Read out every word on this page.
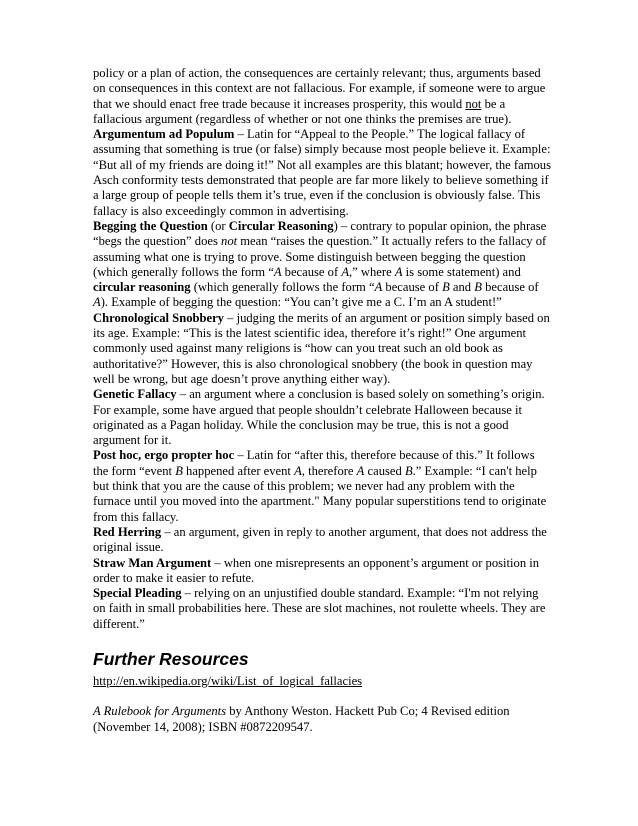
policy or a plan of action, the consequences are certainly relevant; thus, arguments based on consequences in this context are not fallacious. For example, if someone were to argue that we should enact free trade because it increases prosperity, this would not be a fallacious argument (regardless of whether or not one thinks the premises are true).

Argumentum ad Populum – Latin for “Appeal to the People.” The logical fallacy of assuming that something is true (or false) simply because most people believe it. Example: “But all of my friends are doing it!” Not all examples are this blatant; however, the famous Asch conformity tests demonstrated that people are far more likely to believe something if a large group of people tells them it’s true, even if the conclusion is obviously false. This fallacy is also exceedingly common in advertising.

Begging the Question (or Circular Reasoning) – contrary to popular opinion, the phrase “begs the question” does not mean “raises the question.” It actually refers to the fallacy of assuming what one is trying to prove. Some distinguish between begging the question (which generally follows the form “A because of A,” where A is some statement) and circular reasoning (which generally follows the form “A because of B and B because of A). Example of begging the question: “You can’t give me a C. I’m an A student!”

Chronological Snobbery – judging the merits of an argument or position simply based on its age. Example: “This is the latest scientific idea, therefore it’s right!” One argument commonly used against many religions is “how can you treat such an old book as authoritative?” However, this is also chronological snobbery (the book in question may well be wrong, but age doesn’t prove anything either way).

Genetic Fallacy – an argument where a conclusion is based solely on something’s origin. For example, some have argued that people shouldn’t celebrate Halloween because it originated as a Pagan holiday. While the conclusion may be true, this is not a good argument for it.

Post hoc, ergo propter hoc – Latin for “after this, therefore because of this.” It follows the form “event B happened after event A, therefore A caused B.” Example: “I can't help but think that you are the cause of this problem; we never had any problem with the furnace until you moved into the apartment." Many popular superstitions tend to originate from this fallacy.

Red Herring – an argument, given in reply to another argument, that does not address the original issue.

Straw Man Argument – when one misrepresents an opponent’s argument or position in order to make it easier to refute.

Special Pleading – relying on an unjustified double standard. Example: “I'm not relying on faith in small probabilities here. These are slot machines, not roulette wheels. They are different.”

Further Resources

http://en.wikipedia.org/wiki/List_of_logical_fallacies

A Rulebook for Arguments by Anthony Weston. Hackett Pub Co; 4 Revised edition (November 14, 2008); ISBN #0872209547.
